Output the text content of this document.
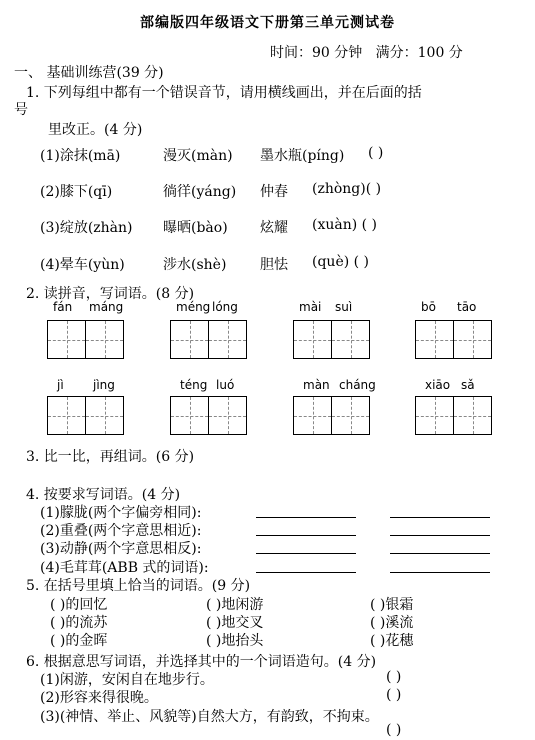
部编版四年级语文下册第三单元测试卷
时间：90 分钟 满分：100 分
一、 基础训练营(39 分)
1. 下列每组中都有一个错误音节，请用横线画出，并在后面的括
号
里改正。(4 分)
(1)涂抹(mā)	漫灭(màn) 墨水瓶(píng) ( )
(2)膝下(qī)	徜徉(yáng) 仲春 (zhòng)( )
(3)绽放(zhàn) 曝晒(bào) 炫耀 (xuàn) ( )
(4)晕车(yùn)	涉水(shè) 胆怯 (què) ( )
2. 读拼音，写词语。(8 分)
fán máng	méng lóng	mài suì	bō tāo
jì jìng	téng luó	màn cháng	xiāo sǎ
3. 比一比，再组词。(6 分)
4. 按要求写词语。(4 分)
(1)朦胧(两个字偏旁相同):
(2)重叠(两个字意思相近):
(3)动静(两个字意思相反):
(4)毛茸茸(ABB 式的词语):
5. 在括号里填上恰当的词语。(9 分)
( )的回忆	( )地闲游	( )银霜
( )的流苏	( )地交叉	( )溪流
( )的金晖	( )地抬头	( )花穗
6. 根据意思写词语，并选择其中的一个词语造句。(4 分)
(1)闲游，安闲自在地步行。
(2)形容来得很晚。
(3)(神情、举止、风貌等)自然大方，有韵致，不拘束。
( )
( )
( )
